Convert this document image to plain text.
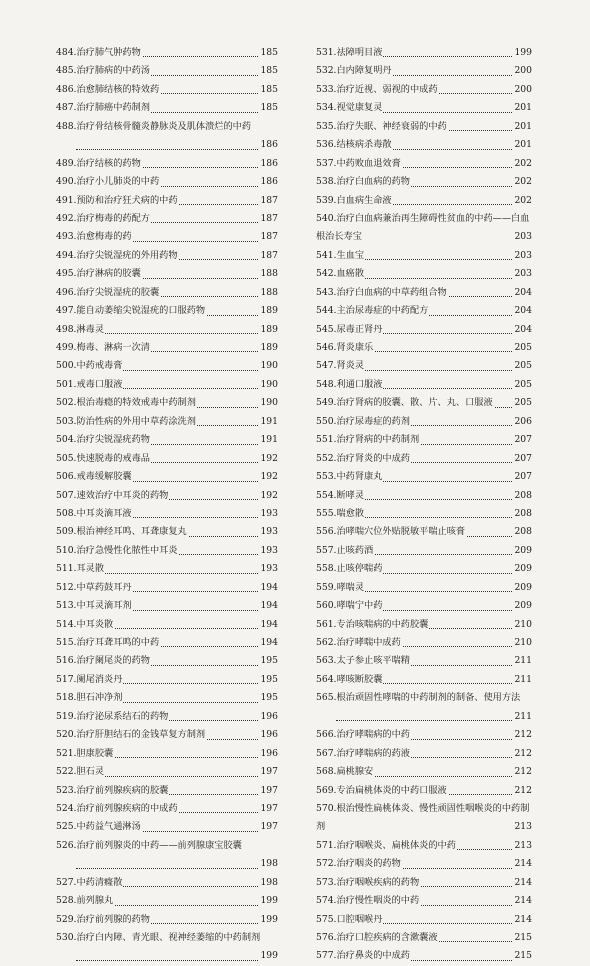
484.治疗肺气肿药物	185
485.治疗肺病的中药汤	185
486.治愈肺结核的特效药	185
487.治疗肺癌中药制剂	185
488.治疗骨结核骨髓炎静脉炎及肌体溃烂的中药
186
489.治疗结核的药物	186
490.治疗小儿肺炎的中药	186
491.预防和治疗狂犬病的中药	187
492.治疗梅毒的药配方	187
493.治愈梅毒的药	187
494.治疗尖锐湿疣的外用药物	187
495.治疗淋病的胶囊	188
496.治疗尖锐湿疣的胶囊	188
497.能自动萎缩尖锐湿疣的口服药物	189
498.淋毒灵	189
499.梅毒、淋病一次清	189
500.中药戒毒膏	190
501.戒毒口服液	190
502.根治毒瘾的特效戒毒中药制剂	190
503.防治性病的外用中草药涂洗剂	191
504.治疗尖锐湿疣药物	191
505.快速脱毒的戒毒品	192
506.戒毒缓解胶囊	192
507.速效治疗中耳炎的药物	192
508.中耳炎滴耳液	193
509.根治神经耳鸣、耳聋康复丸	193
510.治疗急慢性化脓性中耳炎	193
511.耳灵散	193
512.中草药鼓耳丹	194
513.中耳灵滴耳剂	194
514.中耳炎散	194
515.治疗耳聋耳鸣的中药	194
516.治疗阑尾炎的药物	195
517.阑尾消炎丹	195
518.胆石冲净剂	195
519.治疗泌尿系结石的药物	196
520.治疗肝胆结石的金钱草复方制剂	196
521.胆康胶囊	196
522.胆石灵	197
523.治疗前列腺疾病的胶囊	197
524.治疗前列腺疾病的中成药	197
525.中药益气通淋汤	197
526.治疗前列腺炎的中药——前列腺康宝胶囊
198
527.中药清癃散	198
528.前列腺丸	199
529.治疗前列腺的药物	199
530.治疗白内障、青光眼、视神经萎缩的中药制剂
199
531.祛障明目液	199
532.白内障复明丹	200
533.治疗近视、弱视的中成药	200
534.视觉康复灵	201
535.治疗失眠、神经衰弱的中药	201
536.结核病杀毒散	201
537.中药败血退效膏	202
538.治疗白血病的药物	202
539.白血病生命液	202
540.治疗白血病兼治再生障碍性贫血的中药——白血根治长寿宝	203
541.生血宝	203
542.血癌散	203
543.治疗白血病的中草药组合物	204
544.主治尿毒症的中药配方	204
545.尿毒正肾丹	204
546.肾炎康乐	205
547.肾炎灵	205
548.利通口服液	205
549.治疗肾病的胶囊、散、片、丸、口服液 205
550.治疗尿毒症的药剂	206
551.治疗肾病的中药制剂	207
552.治疗肾炎的中成药	207
553.中药肾康丸	207
554.断哮灵	208
555.喘愈散	208
556.治哮喘穴位外贴脱敏平喘止咳膏	208
557.止咳药酒	209
558.止咳停喘药	209
559.哮喘灵	209
560.哮喘宁中药	209
561.专治咳喘病的中药胶囊	210
562.治疗哮喘中成药	210
563.太子参止咳平喘精	211
564.哮咳断胶囊	211
565.根治顽固性哮喘的中药制剂的制备、使用方法
211
566.治疗哮喘病的中药	212
567.治疗哮喘病的药液	212
568.扁桃腺安	212
569.专治扁桃体炎的中药口服液	212
570.根治慢性扁桃体炎、慢性顽固性咽喉炎的中药制剂	213
571.治疗咽喉炎、扁桃体炎的中药	213
572.治疗咽炎的药物	214
573.治疗咽喉疾病的药物	214
574.治疗慢性咽炎的中药	214
575.口腔咽喉丹	214
576.治疗口腔疾病的含漱囊液	215
577.治疗鼻炎的中成药	215
